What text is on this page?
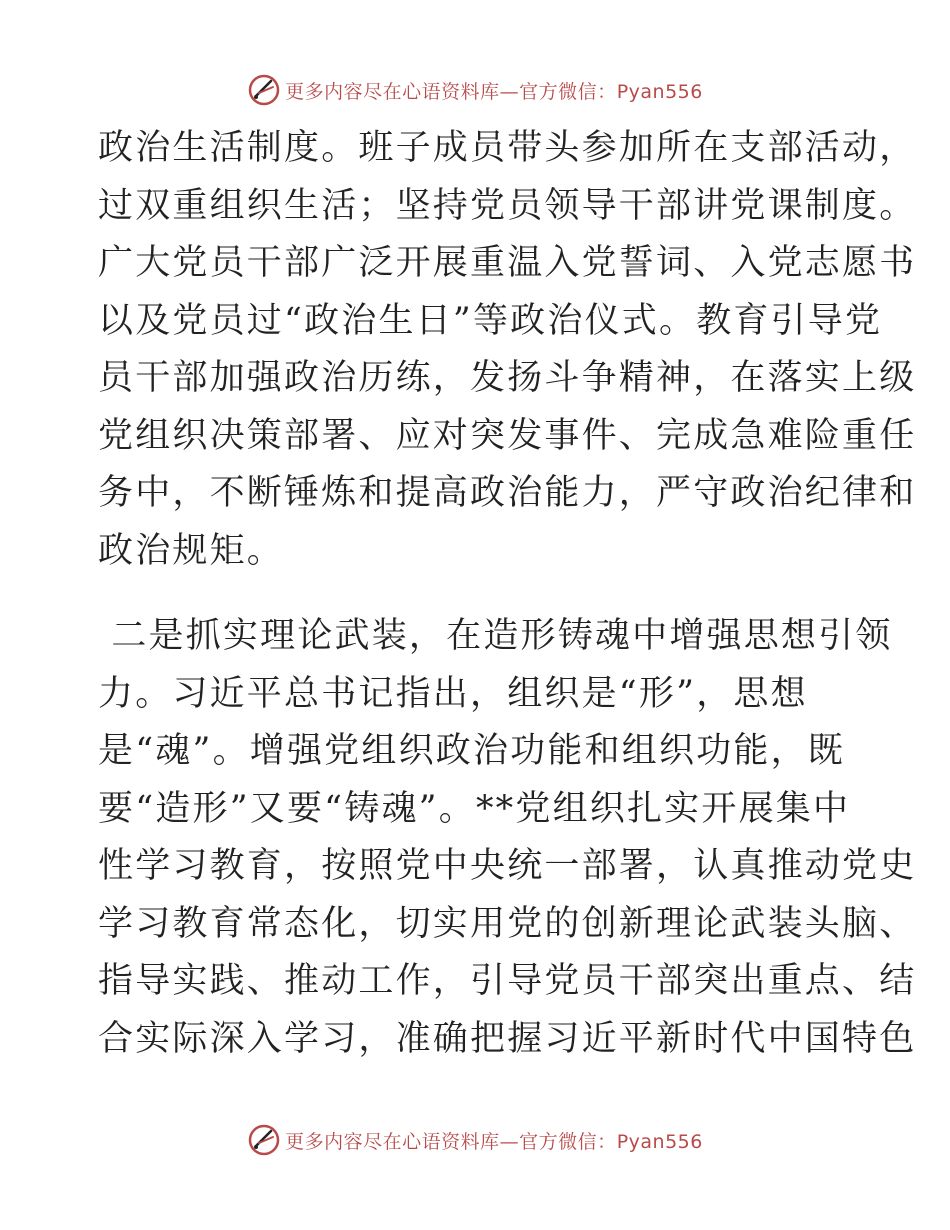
更多内容尽在心语资料库—官方微信：Pyan556
政治生活制度。班子成员带头参加所在支部活动，
过双重组织生活；坚持党员领导干部讲党课制度。
广大党员干部广泛开展重温入党誓词、入党志愿书
以及党员过“政治生日”等政治仪式。教育引导党
员干部加强政治历练，发扬斗争精神，在落实上级
党组织决策部署、应对突发事件、完成急难险重任
务中，不断锤炼和提高政治能力，严守政治纪律和
政治规矩。
二是抓实理论武装，在造形铸魂中增强思想引领
力。习近平总书记指出，组织是“形”，思想
是“魂”。增强党组织政治功能和组织功能，既
要“造形”又要“铸魂”。**党组织扎实开展集中
性学习教育，按照党中央统一部署，认真推动党史
学习教育常态化，切实用党的创新理论武装头脑、
指导实践、推动工作，引导党员干部突出重点、结
合实际深入学习，准确把握习近平新时代中国特色
更多内容尽在心语资料库—官方微信：Pyan556
